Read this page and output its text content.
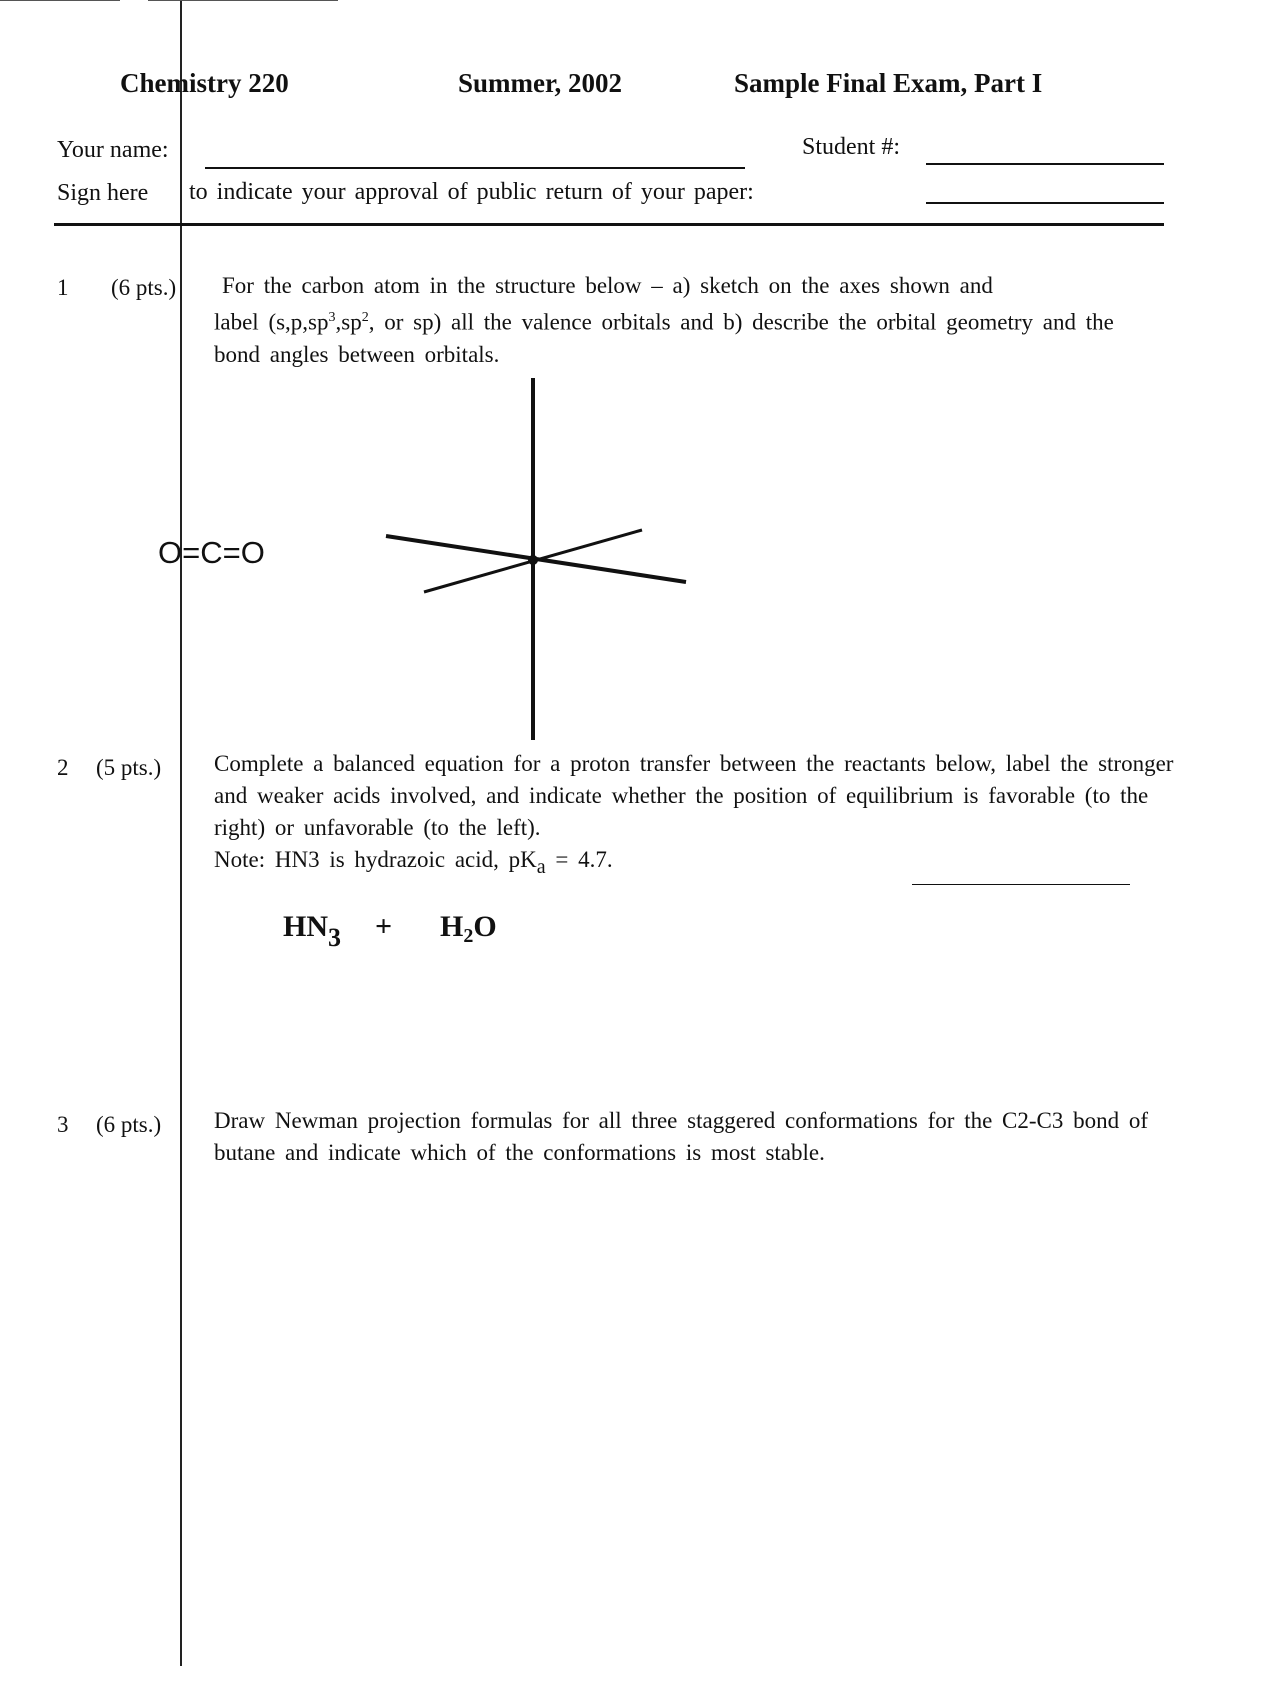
Chemistry 220	Summer, 2002	Sample Final Exam, Part I
Your name:	Student #:
Sign here to indicate your approval of public return of your paper:
1 (6 pts.)	For the carbon atom in the structure below – a) sketch on the axes shown and
label ($s,p,sp^3,sp^2$, or sp) all the valence orbitals and b) describe the orbital geometry and the bond angles between orbitals.
O=C=O
2 (5 pts.) Complete a balanced equation for a proton transfer between the reactants below, label the stronger and weaker acids involved, and indicate whether the position of equilibrium is favorable (to the right) or unfavorable (to the left).
Note: HN3 is hydrazoic acid, $pK_a = 4.7$.
$HN_3 + H_2O$
3 (6 pts.) Draw Newman projection formulas for all three staggered conformations for the C2-C3 bond of butane and indicate which of the conformations is most stable.
